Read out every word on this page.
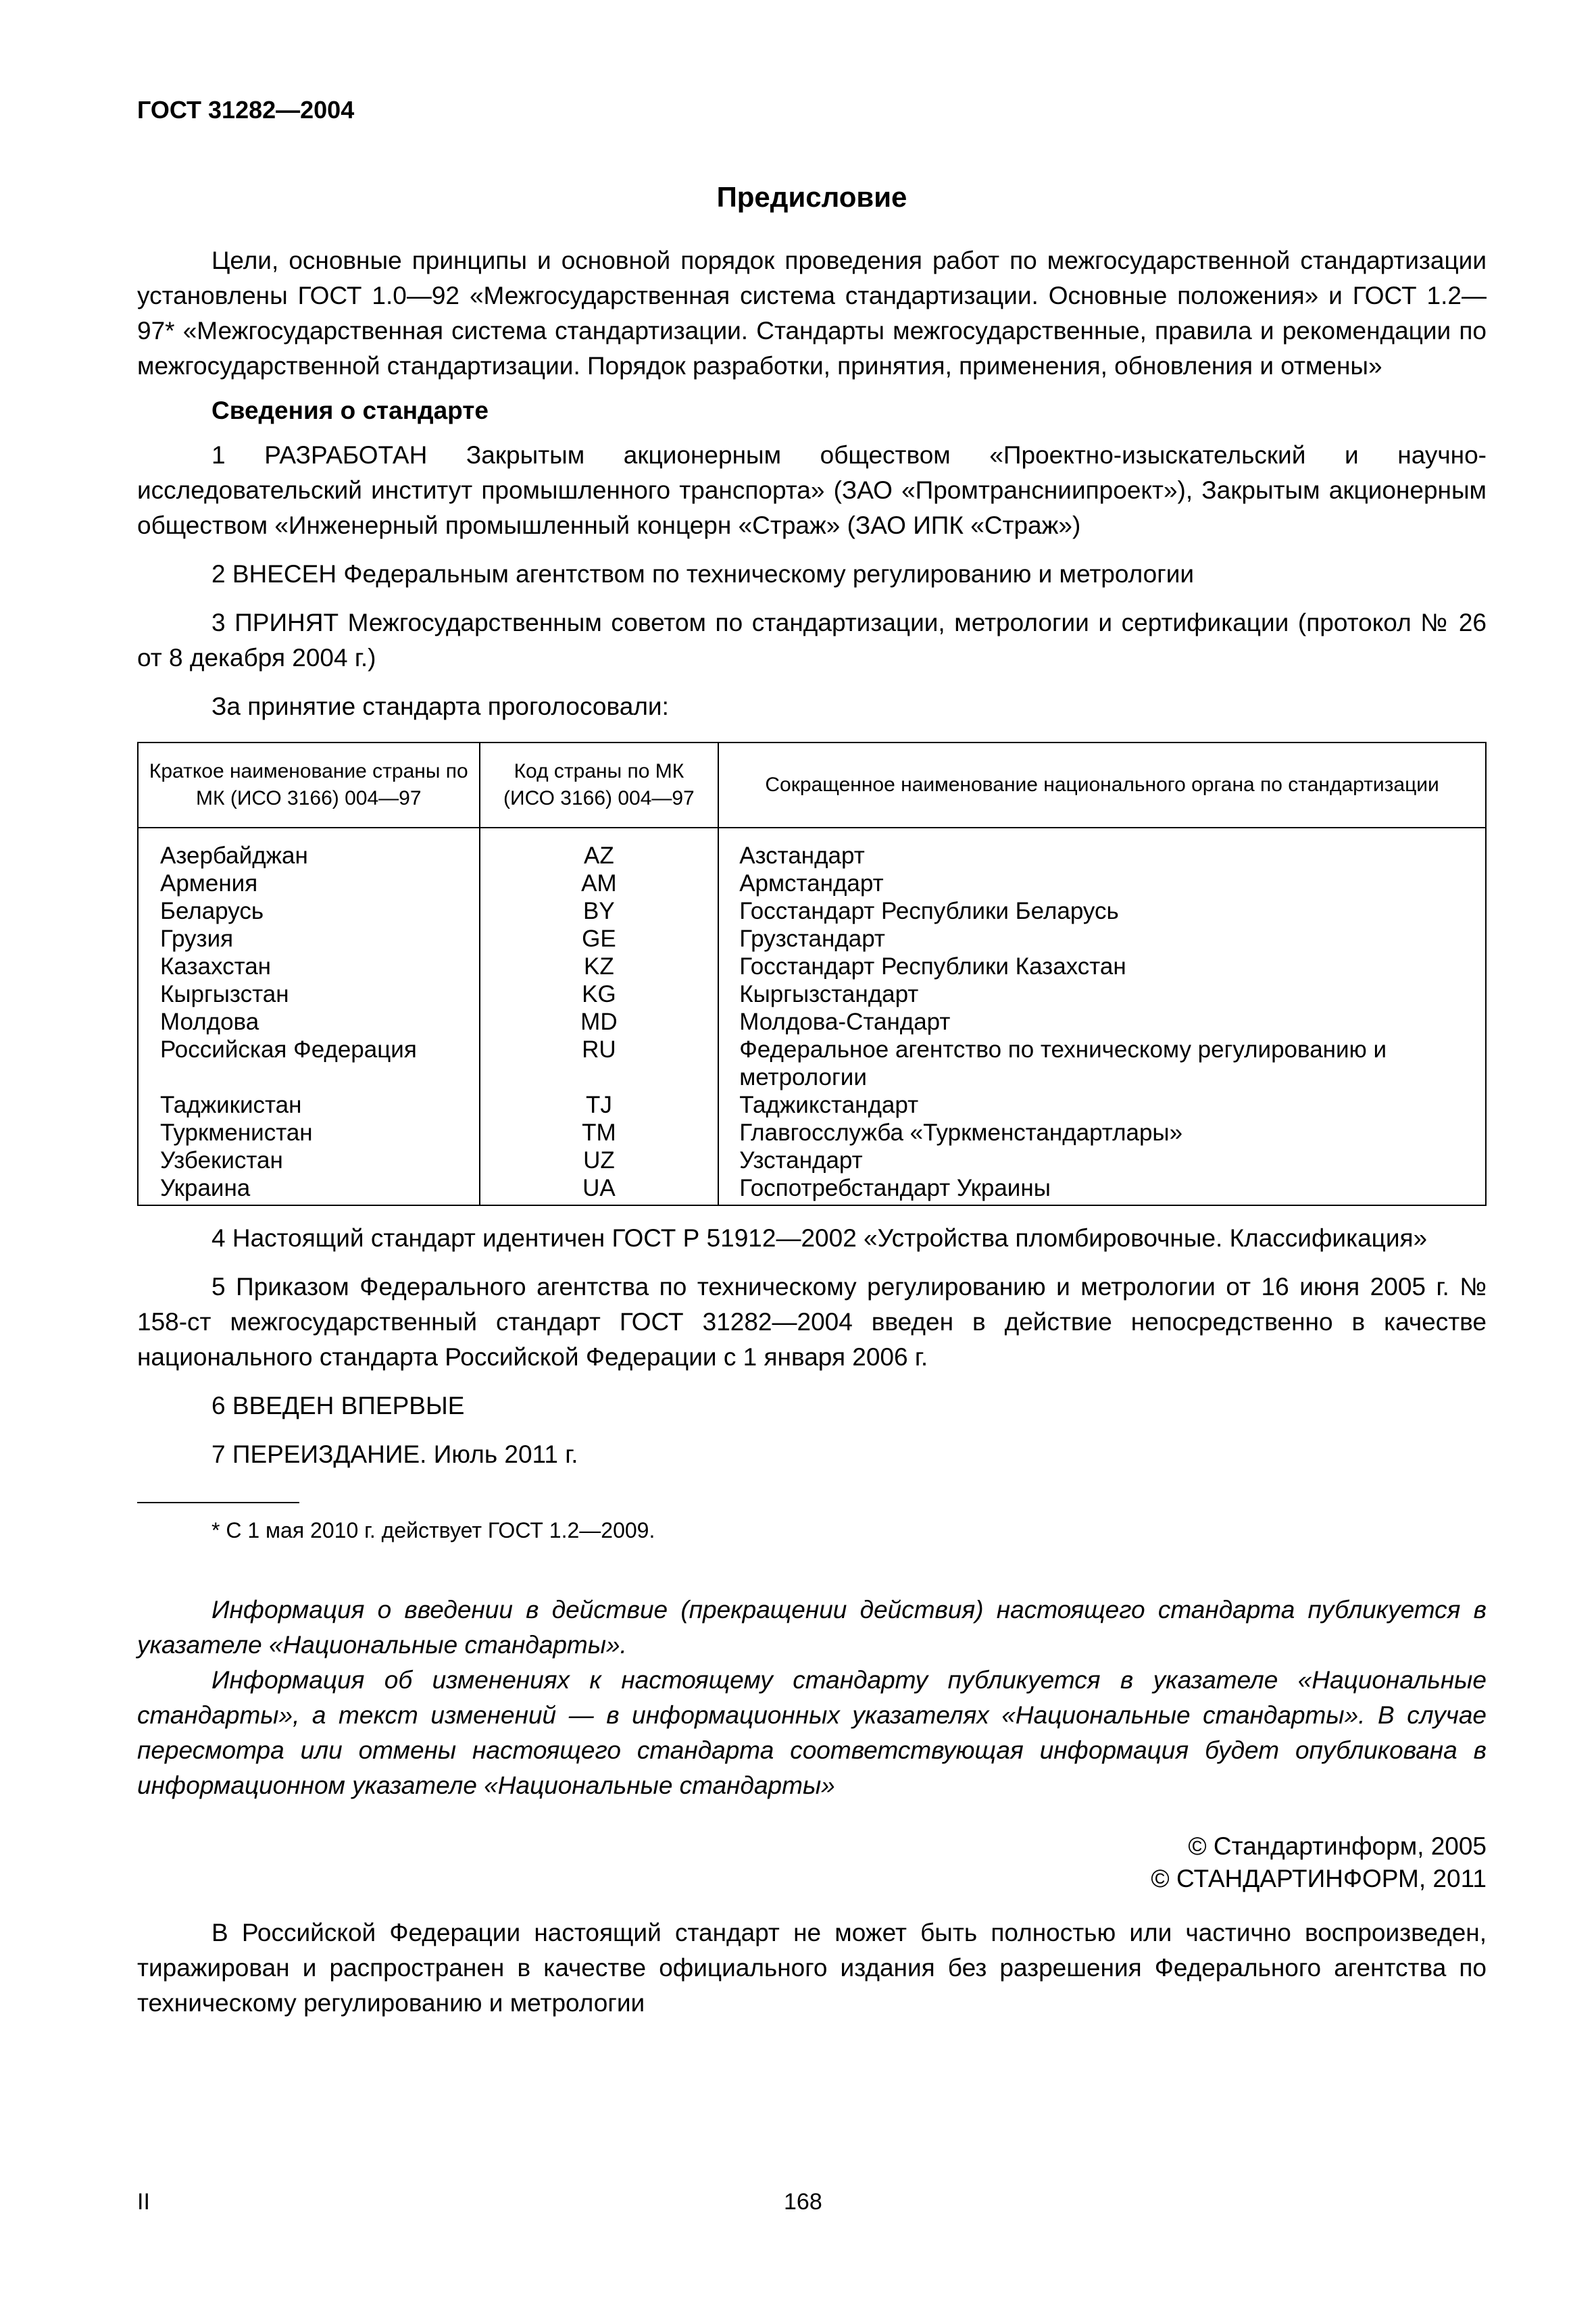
ГОСТ 31282—2004
Предисловие

Цели, основные принципы и основной порядок проведения работ по межгосударственной стандартизации установлены ГОСТ 1.0—92 «Межгосударственная система стандартизации. Основные положения» и ГОСТ 1.2—97* «Межгосударственная система стандартизации. Стандарты межгосударственные, правила и рекомендации по межгосударственной стандартизации. Порядок разработки, принятия, применения, обновления и отмены»

Сведения о стандарте

1 РАЗРАБОТАН Закрытым акционерным обществом «Проектно-изыскательский и научно-исследовательский институт промышленного транспорта» (ЗАО «Промтрансниипроект»), Закрытым акционерным обществом «Инженерный промышленный концерн «Страж» (ЗАО ИПК «Страж»)

2 ВНЕСЕН Федеральным агентством по техническому регулированию и метрологии

3 ПРИНЯТ Межгосударственным советом по стандартизации, метрологии и сертификации (протокол № 26 от 8 декабря 2004 г.)

За принятие стандарта проголосовали:

Краткое наименование страны по МК (ИСО 3166) 004—97	Код страны по МК (ИСО 3166) 004—97	Сокращенное наименование национального органа по стандартизации
Азербайджан	AZ	Азстандарт
Армения	AM	Армстандарт
Беларусь	BY	Госстандарт Республики Беларусь
Грузия	GE	Грузстандарт
Казахстан	KZ	Госстандарт Республики Казахстан
Кыргызстан	KG	Кыргызстандарт
Молдова	MD	Молдова-Стандарт
Российская Федерация	RU	Федеральное агентство по техническому регулированию и метрологии
Таджикистан	TJ	Таджикстандарт
Туркменистан	TM	Главгосслужба «Туркменстандартлары»
Узбекистан	UZ	Узстандарт
Украина	UA	Госпотребстандарт Украины

4 Настоящий стандарт идентичен ГОСТ Р 51912—2002 «Устройства пломбировочные. Классификация»

5 Приказом Федерального агентства по техническому регулированию и метрологии от 16 июня 2005 г. № 158-ст межгосударственный стандарт ГОСТ 31282—2004 введен в действие непосредственно в качестве национального стандарта Российской Федерации с 1 января 2006 г.

6 ВВЕДЕН ВПЕРВЫЕ

7 ПЕРЕИЗДАНИЕ. Июль 2011 г.

* С 1 мая 2010 г. действует ГОСТ 1.2—2009.

Информация о введении в действие (прекращении действия) настоящего стандарта публикуется в указателе «Национальные стандарты».

Информация об изменениях к настоящему стандарту публикуется в указателе «Национальные стандарты», а текст изменений — в информационных указателях «Национальные стандарты». В случае пересмотра или отмены настоящего стандарта соответствующая информация будет опубликована в информационном указателе «Национальные стандарты»

© Стандартинформ, 2005
© СТАНДАРТИНФОРМ, 2011

В Российской Федерации настоящий стандарт не может быть полностью или частично воспроизведен, тиражирован и распространен в качестве официального издания без разрешения Федерального агентства по техническому регулированию и метрологии

II	168
